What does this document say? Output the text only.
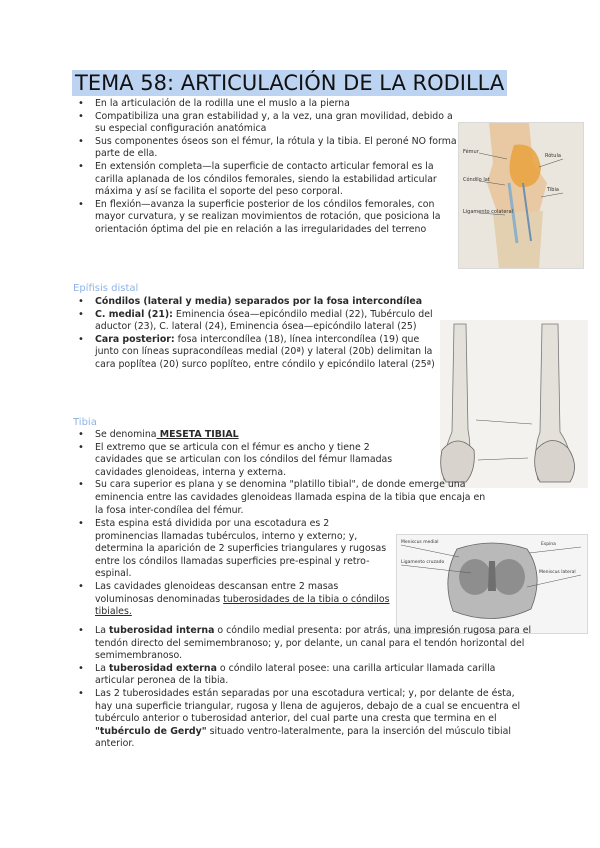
TEMA 58: ARTICULACIÓN DE LA RODILLA
• En la articulación de la rodilla une el muslo a la pierna
• Compatibiliza una gran estabilidad y, a la vez, una gran movilidad, debido a su especial configuración anatómica
• Sus componentes óseos son el fémur, la rótula y la tibia. El peroné NO forma parte de ella.
• En extensión completa—la superficie de contacto articular femoral es la carilla aplanada de los cóndilos femorales, siendo la estabilidad articular máxima y así se facilita el soporte del peso corporal.
• En flexión—avanza la superficie posterior de los cóndilos femorales, con mayor curvatura, y se realizan movimientos de rotación, que posiciona la orientación óptima del pie en relación a las irregularidades del terreno
Fémur
Cóndilo lat
Ligamento colateral
Rótula
Tibia
Epífisis distal
• Cóndilos (lateral y media) separados por la fosa intercondílea
• C. medial (21): Eminencia ósea—epicóndilo medial (22), Tubérculo del aductor (23), C. lateral (24), Eminencia ósea—epicóndilo lateral (25)
• Cara posterior: fosa intercondílea (18), línea intercondílea (19) que junto con líneas supracondíleas medial (20ª) y lateral (20b) delimitan la cara poplítea (20) surco poplíteo, entre cóndilo y epicóndilo lateral (25ª)
Tibia
• Se denomina MESETA TIBIAL
• El extremo que se articula con el fémur es ancho y tiene 2 cavidades que se articulan con los cóndilos del fémur llamadas cavidades glenoideas, interna y externa.
• Su cara superior es plana y se denomina "platillo tibial", de donde emerge una eminencia entre las cavidades glenoideas llamada espina de la tibia que encaja en la fosa inter-condílea del fémur.
Meniscus medial
Ligamento cruzado
Espina
Meniscus lateral
• Esta espina está dividida por una escotadura es 2 prominencias llamadas tubérculos, interno y externo; y, determina la aparición de 2 superficies triangulares y rugosas entre los cóndilos llamadas superficies pre-espinal y retro-espinal.
• Las cavidades glenoideas descansan entre 2 masas voluminosas denominadas tuberosidades de la tibia o cóndilos tibiales.
• La tuberosidad interna o cóndilo medial presenta: por atrás, una impresión rugosa para el tendón directo del semimembranoso; y, por delante, un canal para el tendón horizontal del semimembranoso.
• La tuberosidad externa o cóndilo lateral posee: una carilla articular llamada carilla articular peronea de la tibia.
• Las 2 tuberosidades están separadas por una escotadura vertical; y, por delante de ésta, hay una superficie triangular, rugosa y llena de agujeros, debajo de a cual se encuentra el tubérculo anterior o tuberosidad anterior, del cual parte una cresta que termina en el "tubérculo de Gerdy" situado ventro-lateralmente, para la inserción del músculo tibial anterior.
